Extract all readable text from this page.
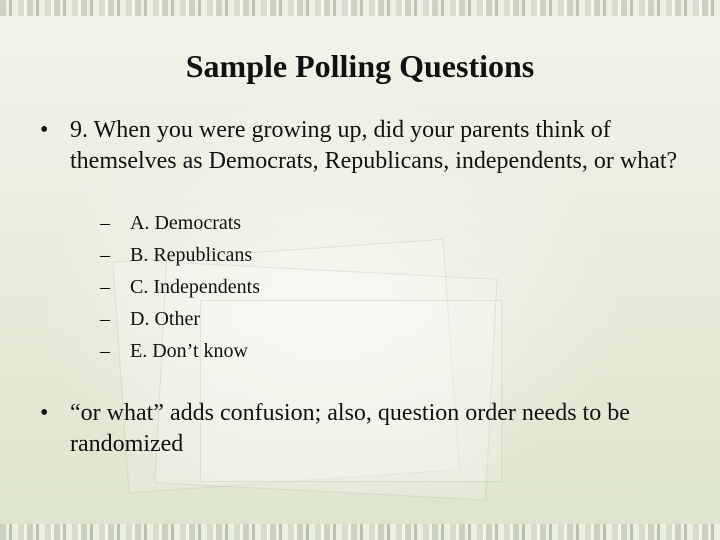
Sample Polling Questions
• 9. When you were growing up, did your parents think of themselves as Democrats, Republicans, independents, or what?
– A. Democrats
– B. Republicans
– C. Independents
– D. Other
– E. Don’t know
• “or what” adds confusion; also, question order needs to be randomized
